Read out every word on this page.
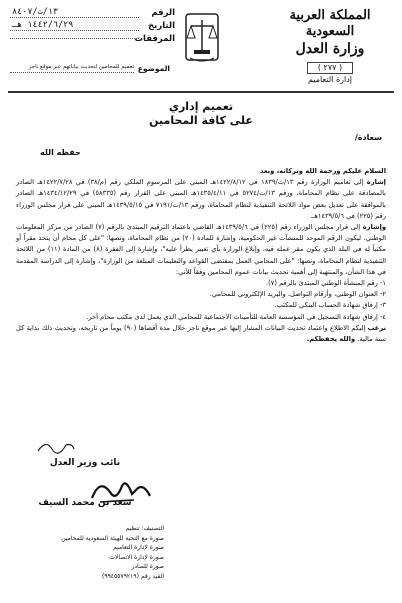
المملكة العربية السعودية
وزارة العدل
( ٢٧٧ )
إدارة التعاميم
الرقم
١٣/ت/٨٤٠٧
التاريخ
١٤٤٢/٦/٢٩ هـ
المرفقات
الموضوع
تعميم للمحامين لتحديث بياناتهم عبر موقع ناجز
تعميم إداري
على كافة المحامين
سعادة/
حفظه الله

السلام عليكم ورحمة الله وبركاته، وبعد

إشارة إلى تعاميم الوزارة رقم ١٣/ت/١٨٣٩ في ١٤٢٢/٨/١٢هـ المبني على المرسوم الملكي رقم (م/٣٨) في ١٤٢٢/٧/٢٨هـ الصادر بالمصادقة على نظام المحاماة، ورقم ١٣/ت/٥٢٧٤ في ١٤٣٥/٤/١١هـ المبني على القرار رقم (٥٨٣٣٥) في ١٤٣٤/١٢/٢٩هـ الصادر بالموافقة على تعديل بعض مواد اللائحة التنفيذية لنظام المحاماة، ورقم ١٣/ت/٧١٩١ في ١٤٣٩/٥/١٥هـ المبني على قرار مجلس الوزراء رقم (٢٢٥) في ١٤٣٩/٥/٦هـ.

وإشارة إلى قرار مجلس الوزراء رقم (٢٢٥) في ١٤٣٩/٥/٦هـ القاضي باعتماد الترقيم المبتدئ بالرقم (٧) الصادر من مركز المعلومات الوطني، ليكون الرقم الموحد للمنشآت غير الحكومية، وإشارة للمادة (٢٠) من نظام المحاماة، ونصها: "على كل محام أن يتخذ مقراً أو مكتباً له في البلد الذي يكون مقر عمله فيه، وإبلاغ الوزارة بأي تغيير يطرأ عليه"، وإشارة إلى الفقرة (٨) من المادة (١١) من اللائحة التنفيذية لنظام المحاماة، ونصها: "على المحامي العمل بمقتضى القواعد والتعليمات المبلغة من الوزارة"، وإشارة إلى الدراسة المقدمة في هذا الشأن، والمنتهية إلى أهمية تحديث بيانات عموم المحامين وفقاً للآتي:

١- رقم المنشأة الوطني المبتدئ بالرقم (٧).
٢- العنوان الوطني، وأرقام التواصل، والبريد الإلكتروني للمحامي.
٣- إرفاق شهادة الحساب البنكي للمكتب.
٤- إرفاق شهادة التسجيل في المؤسسة العامة للتأمينات الاجتماعية للمحامي الذي يعمل لدى مكتب محام آخر.

نرغب إليكم الاطلاع واعتماد تحديث البيانات المشار إليها عبر موقع ناجز خلال مدة أقصاها (٩٠) يوماً من تاريخه، وتحديث ذلك بداية كل سنة مالية. والله يحفظكم.

نائب وزير العدل
سعد بن محمد السيف
التصنيف: تنظيم
صورة مع التحية للهيئة السعودية للمحامين
صورة لإدارة التعاميم
صورة لإدارة الاتصالات
صورة للصادر
القيد رقم (٩٩٤٥٥٧٩٢١٩)
